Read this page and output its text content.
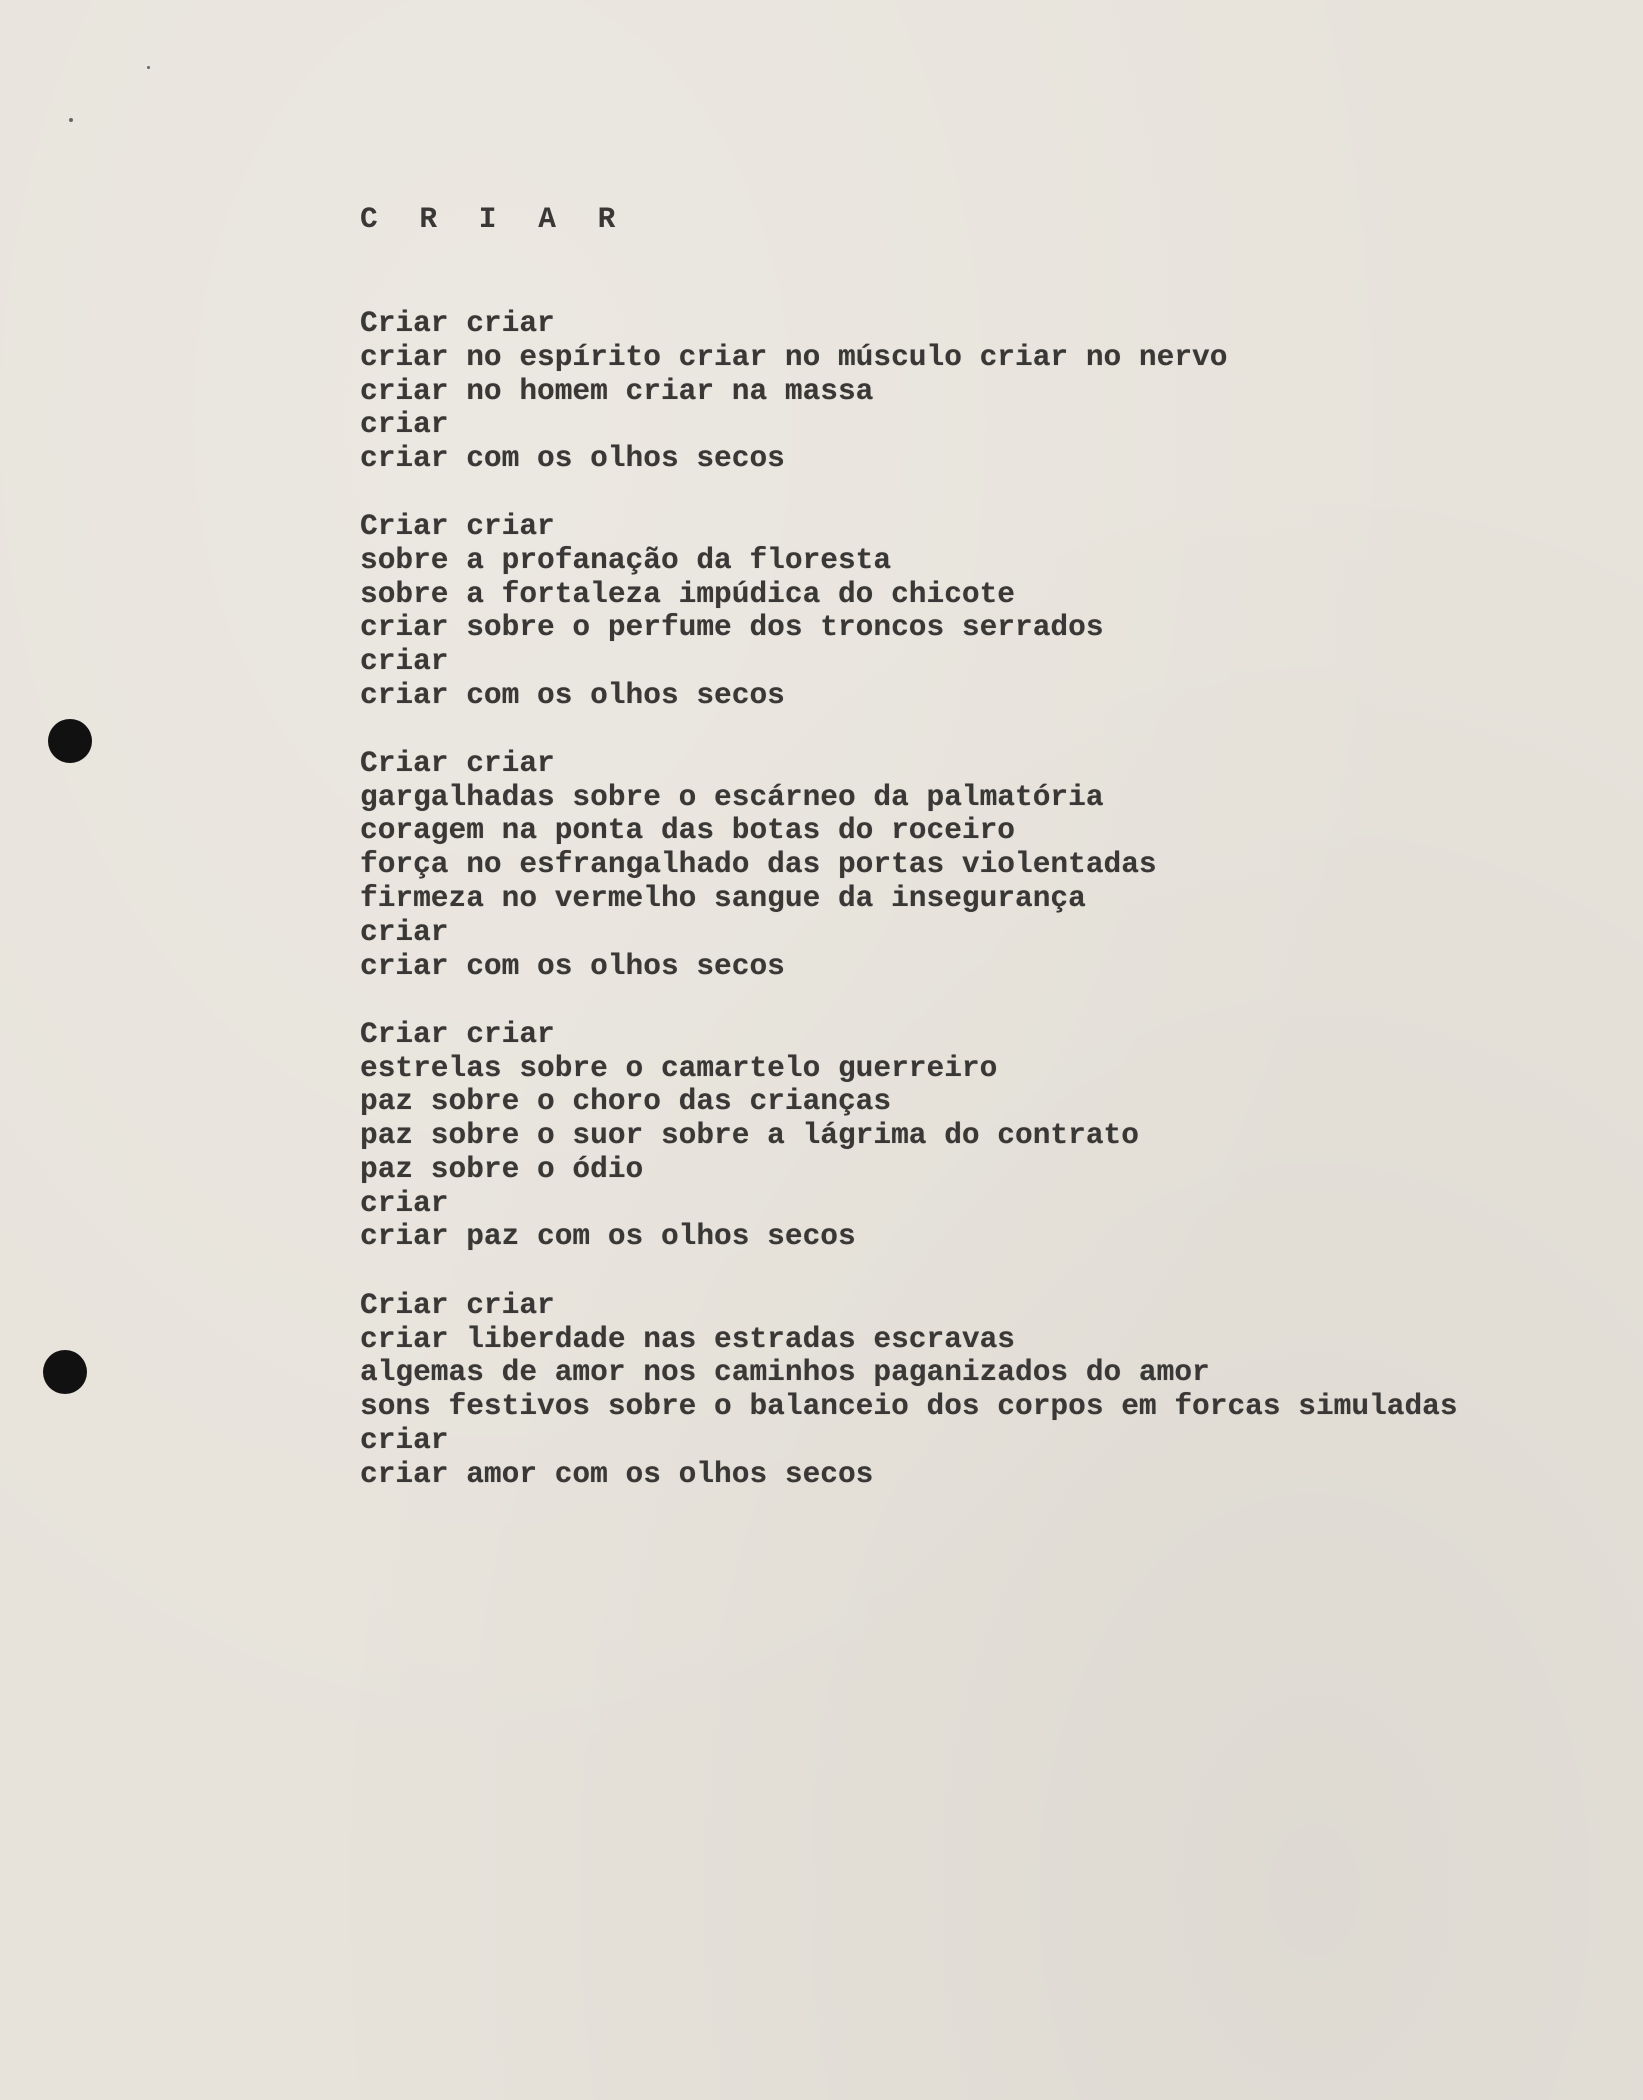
C R I A R
Criar criar
criar no espírito criar no músculo criar no nervo
criar no homem criar na massa
criar
criar com os olhos secos
Criar criar
sobre a profanação da floresta
sobre a fortaleza impúdica do chicote
criar sobre o perfume dos troncos serrados
criar
criar com os olhos secos
Criar criar
gargalhadas sobre o escárneo da palmatória
coragem na ponta das botas do roceiro
força no esfrangalhado das portas violentadas
firmeza no vermelho sangue da insegurança
criar
criar com os olhos secos
Criar criar
estrelas sobre o camartelo guerreiro
paz sobre o choro das crianças
paz sobre o suor sobre a lágrima do contrato
paz sobre o ódio
criar
criar paz com os olhos secos
Criar criar
criar liberdade nas estradas escravas
algemas de amor nos caminhos paganizados do amor
sons festivos sobre o balanceio dos corpos em forcas simuladas
criar
criar amor com os olhos secos
